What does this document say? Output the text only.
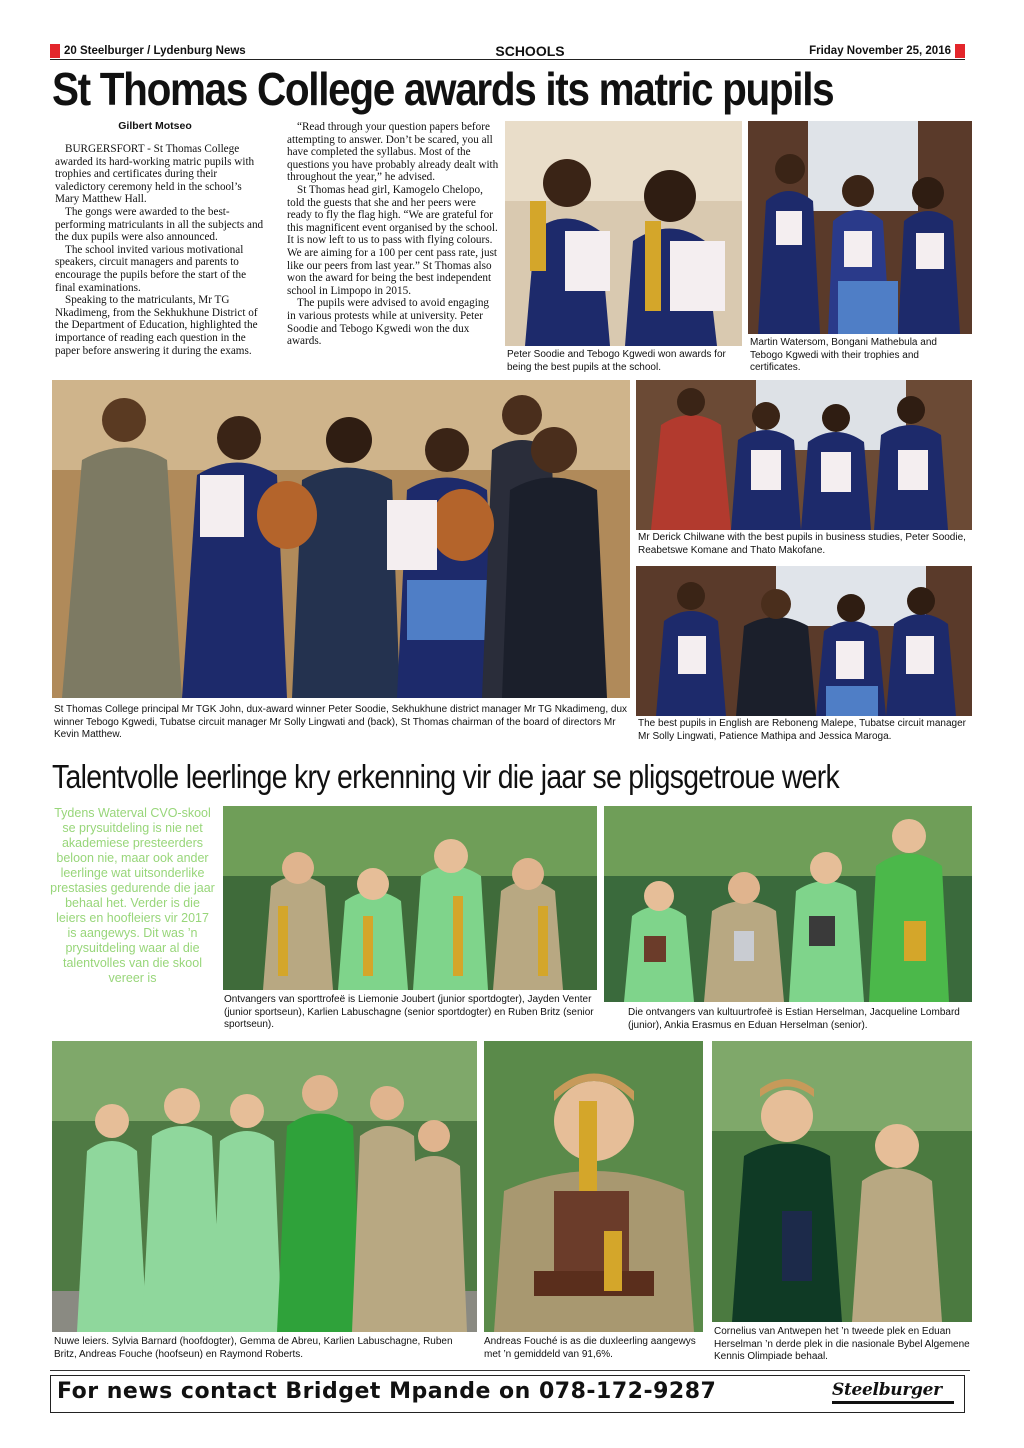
20 Steelburger / Lydenburg News	SCHOOLS	Friday November 25, 2016
St Thomas College awards its matric pupils
Gilbert Motseo

BURGERSFORT - St Thomas College awarded its hard-working matric pupils with trophies and certificates during their valedictory ceremony held in the school’s Mary Matthew Hall.

The gongs were awarded to the best-performing matriculants in all the subjects and the dux pupils were also announced.

The school invited various motivational speakers, circuit managers and parents to encourage the pupils before the start of the final examinations.

Speaking to the matriculants, Mr TG Nkadimeng, from the Sekhukhune District of the Department of Education, highlighted the importance of reading each question in the paper before answering it during the exams.

“Read through your question papers before attempting to answer. Don’t be scared, you all have completed the syllabus. Most of the questions you have probably already dealt with throughout the year,” he advised.

St Thomas head girl, Kamogelo Chelopo, told the guests that she and her peers were ready to fly the flag high. “We are grateful for this magnificent event organised by the school. It is now left to us to pass with flying colours. We are aiming for a 100 per cent pass rate, just like our peers from last year.” St Thomas also won the award for being the best independent school in Limpopo in 2015.

The pupils were advised to avoid engaging in various protests while at university. Peter Soodie and Tebogo Kgwedi won the dux awards.

Peter Soodie and Tebogo Kgwedi won awards for being the best pupils at the school.
Martin Watersom, Bongani Mathebula and Tebogo Kgwedi with their trophies and certificates.
St Thomas College principal Mr TGK John, dux-award winner Peter Soodie, Sekhukhune district manager Mr TG Nkadimeng, dux winner Tebogo Kgwedi, Tubatse circuit manager Mr Solly Lingwati and (back), St Thomas chairman of the board of directors Mr Kevin Matthew.
Mr Derick Chilwane with the best pupils in business studies, Peter Soodie, Reabetswe Komane and Thato Makofane.
The best pupils in English are Reboneng Malepe, Tubatse circuit manager Mr Solly Lingwati, Patience Mathipa and Jessica Maroga.
Talentvolle leerlinge kry erkenning vir die jaar se pligsgetroue werk
Tydens Waterval CVO-skool se prysuitdeling is nie net akademiese presteerders beloon nie, maar ook ander leerlinge wat uitsonderlike prestasies gedurende die jaar behaal het. Verder is die leiers en hoofleiers vir 2017 is aangewys. Dit was ’n prysuitdeling waar al die talentvolles van die skool vereer is
Ontvangers van sporttrofeë is Liemonie Joubert (junior sportdogter), Jayden Venter (junior sportseun), Karlien Labuschagne (senior sportdogter) en Ruben Britz (senior sportseun).
Die ontvangers van kultuurtrofeë is Estian Herselman, Jacqueline Lombard (junior), Ankia Erasmus en Eduan Herselman (senior).
Nuwe leiers. Sylvia Barnard (hoofdogter), Gemma de Abreu, Karlien Labuschagne, Ruben Britz, Andreas Fouche (hoofseun) en Raymond Roberts.
Andreas Fouché is as die duxleerling aangewys met ’n gemiddeld van 91,6%.
Cornelius van Antwepen het ’n tweede plek en Eduan Herselman ’n derde plek in die nasionale Bybel Algemene Kennis Olimpiade behaal.
For news contact Bridget Mpande on 078-172-9287	Steelburger
